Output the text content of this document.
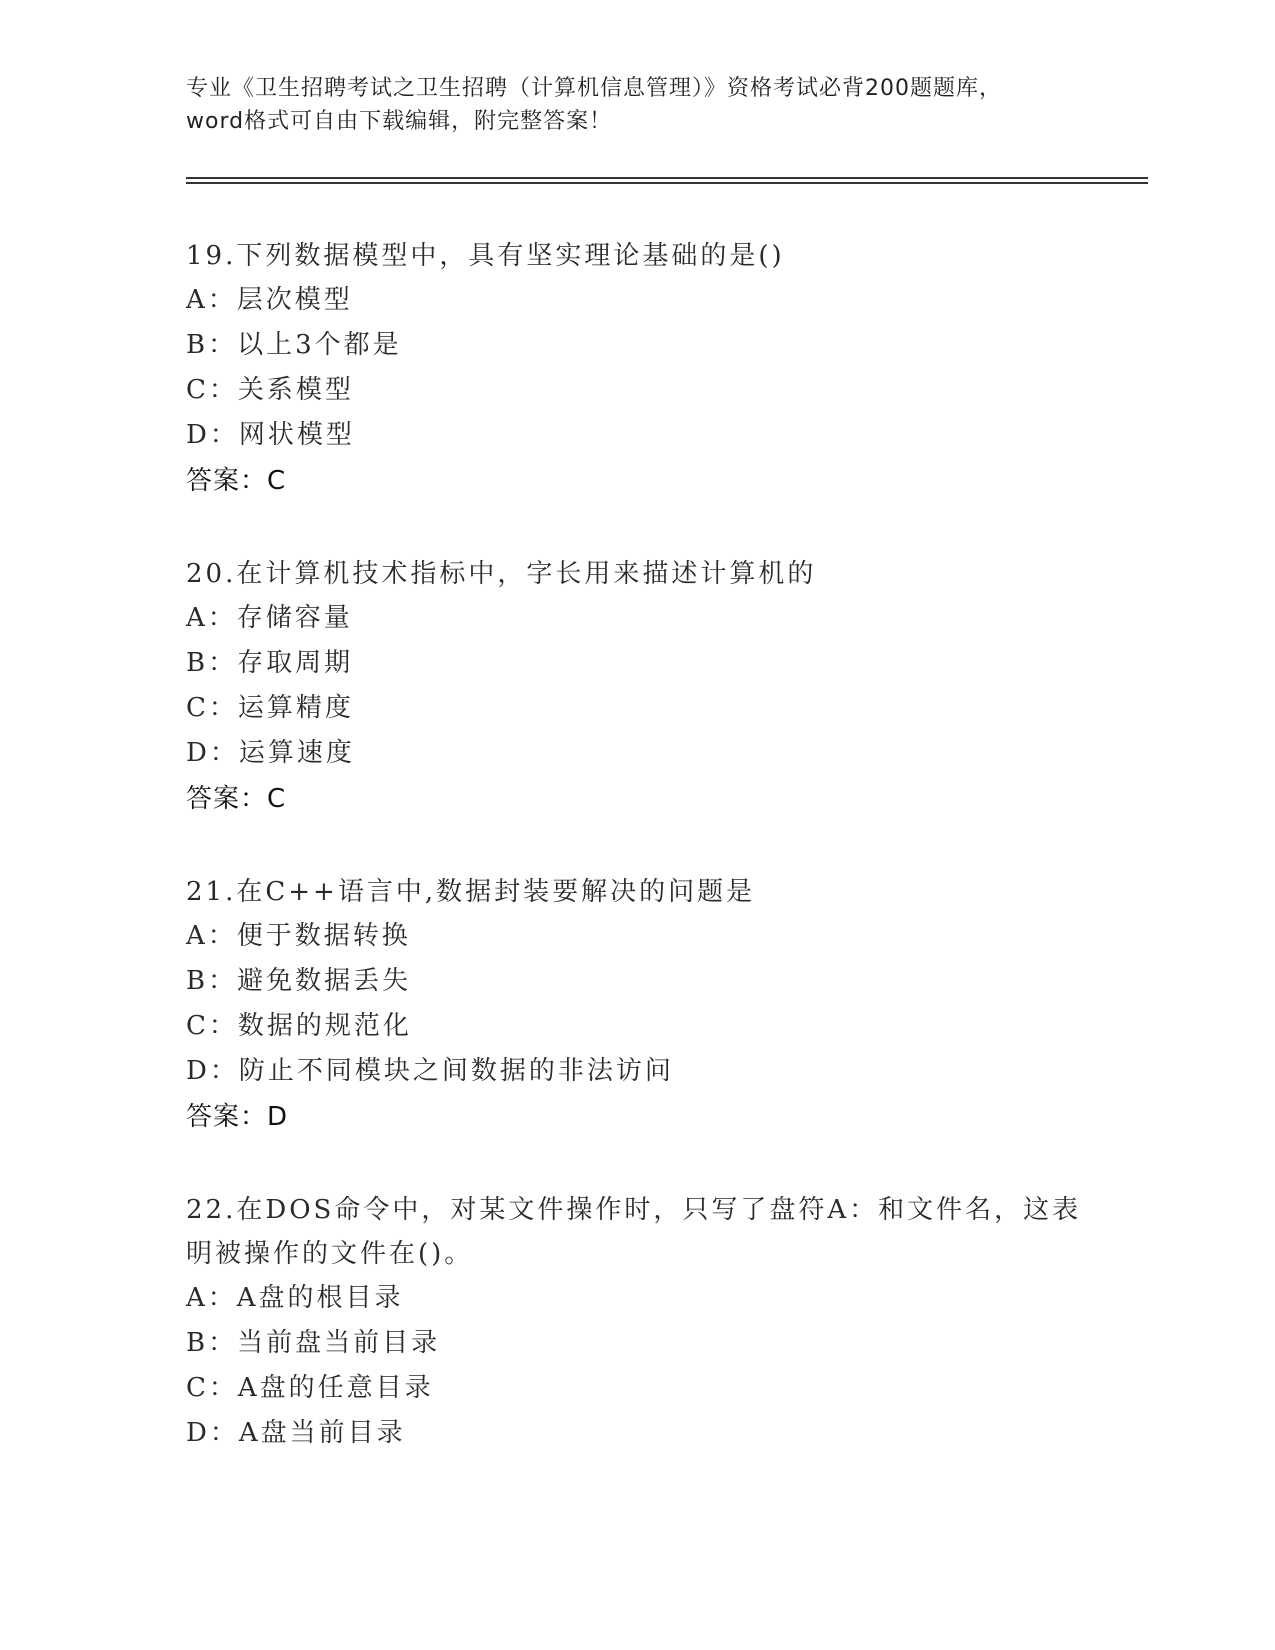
专业《卫生招聘考试之卫生招聘（计算机信息管理）》资格考试必背200题题库，
word格式可自由下载编辑，附完整答案！
19.下列数据模型中，具有坚实理论基础的是()
A：层次模型
B：以上3个都是
C：关系模型
D：网状模型
答案：C
20.在计算机技术指标中，字长用来描述计算机的
A：存储容量
B：存取周期
C：运算精度
D：运算速度
答案：C
21.在C++语言中,数据封装要解决的问题是
A：便于数据转换
B：避免数据丢失
C：数据的规范化
D：防止不同模块之间数据的非法访问
答案：D
22.在DOS命令中，对某文件操作时，只写了盘符A：和文件名，这表明被操作的文件在()。
A：A盘的根目录
B：当前盘当前目录
C：A盘的任意目录
D：A盘当前目录
